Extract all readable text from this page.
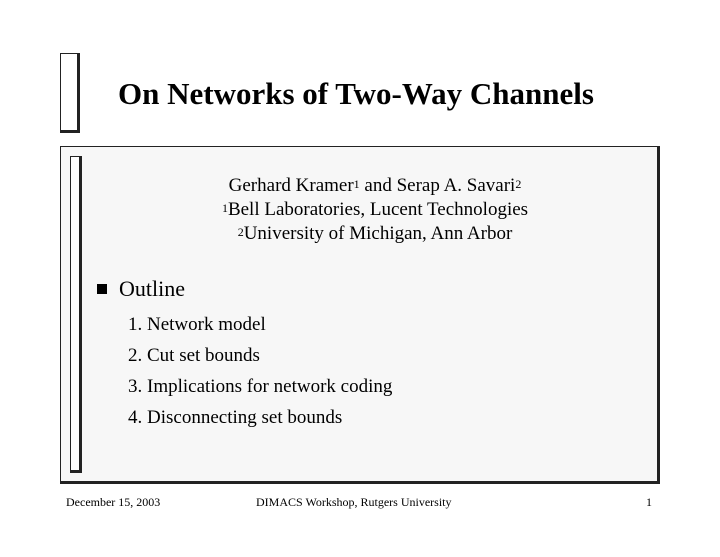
On Networks of Two-Way Channels
Gerhard Kramer$^1$ and Serap A. Savari$^2$
$^1$Bell Laboratories, Lucent Technologies
$^2$University of Michigan, Ann Arbor
Outline
1. Network model
2. Cut set bounds
3. Implications for network coding
4. Disconnecting set bounds
December 15, 2003	DIMACS Workshop, Rutgers University	1
